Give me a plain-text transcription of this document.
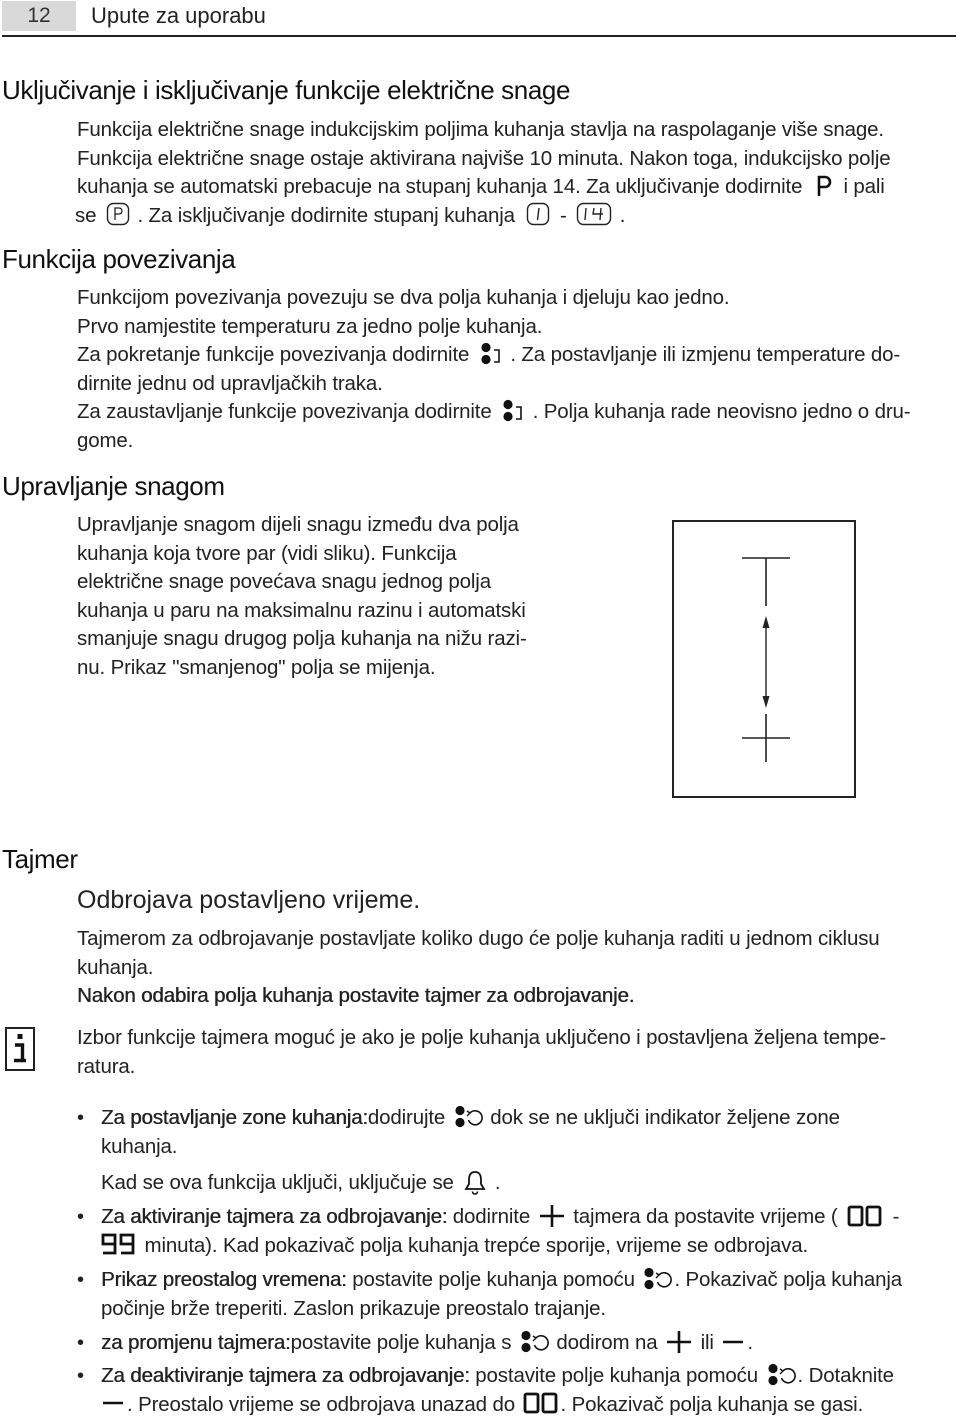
12	Upute za uporabu
Uključivanje i isključivanje funkcije električne snage
Funkcija električne snage indukcijskim poljima kuhanja stavlja na raspolaganje više snage.
Funkcija električne snage ostaje aktivirana najviše 10 minuta. Nakon toga, indukcijsko polje
kuhanja se automatski prebacuje na stupanj kuhanja 14. Za uključivanje dodirnite i pali
se . Za isključivanje dodirnite stupanj kuhanja -	.
Funkcija povezivanja
Funkcijom povezivanja povezuju se dva polja kuhanja i djeluju kao jedno.
Prvo namjestite temperaturu za jedno polje kuhanja.
Za pokretanje funkcije povezivanja dodirnite . Za postavljanje ili izmjenu temperature do-
dirnite jednu od upravljačkih traka.
Za zaustavljanje funkcije povezivanja dodirnite . Polja kuhanja rade neovisno jedno o dru-
gome.
Upravljanje snagom
Upravljanje snagom dijeli snagu između dva polja
kuhanja koja tvore par (vidi sliku). Funkcija
električne snage povećava snagu jednog polja
kuhanja u paru na maksimalnu razinu i automatski
smanjuje snagu drugog polja kuhanja na nižu razi-
nu. Prikaz "smanjenog" polja se mijenja.
Tajmer
Odbrojava postavljeno vrijeme.
Tajmerom za odbrojavanje postavljate koliko dugo će polje kuhanja raditi u jednom ciklusu
kuhanja.
Nakon odabira polja kuhanja postavite tajmer za odbrojavanje.
Izbor funkcije tajmera moguć je ako je polje kuhanja uključeno i postavljena željena tempe-
ratura.
• Za postavljanje zone kuhanja:dodirujte dok se ne uključi indikator željene zone
kuhanja.
Kad se ova funkcija uključi, uključuje se .
• Za aktiviranje tajmera za odbrojavanje: dodirnite tajmera da postavite vrijeme (	-
minuta). Kad pokazivač polja kuhanja trepće sporije, vrijeme se odbrojava.
• Prikaz preostalog vremena: postavite polje kuhanja pomoću . Pokazivač polja kuhanja
počinje brže treperiti. Zaslon prikazuje preostalo trajanje.
• za promjenu tajmera:postavite polje kuhanja s dodirom na ili .
• Za deaktiviranje tajmera za odbrojavanje: postavite polje kuhanja pomoću . Dotaknite
. Preostalo vrijeme se odbrojava unazad do . Pokazivač polja kuhanja se gasi.
